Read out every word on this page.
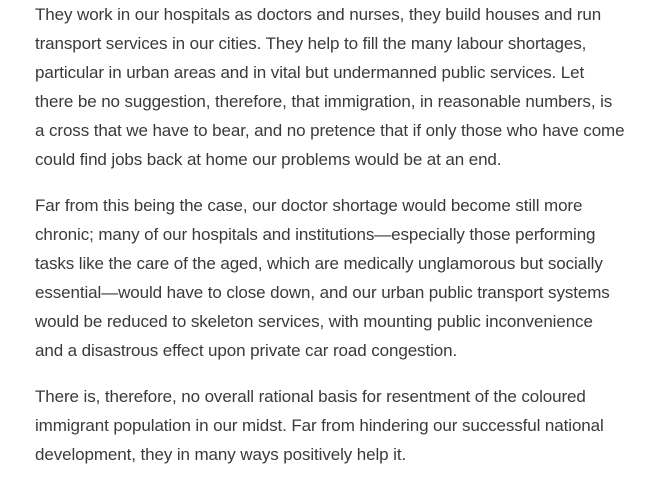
They work in our hospitals as doctors and nurses, they build houses and run
transport services in our cities. They help to fill the many labour shortages,
particular in urban areas and in vital but undermanned public services. Let
there be no suggestion, therefore, that immigration, in reasonable numbers, is
a cross that we have to bear, and no pretence that if only those who have come
could find jobs back at home our problems would be at an end.

Far from this being the case, our doctor shortage would become still more
chronic; many of our hospitals and institutions—especially those performing
tasks like the care of the aged, which are medically unglamorous but socially
essential—would have to close down, and our urban public transport systems
would be reduced to skeleton services, with mounting public inconvenience
and a disastrous effect upon private car road congestion.

There is, therefore, no overall rational basis for resentment of the coloured
immigrant population in our midst. Far from hindering our successful national
development, they in many ways positively help it.
